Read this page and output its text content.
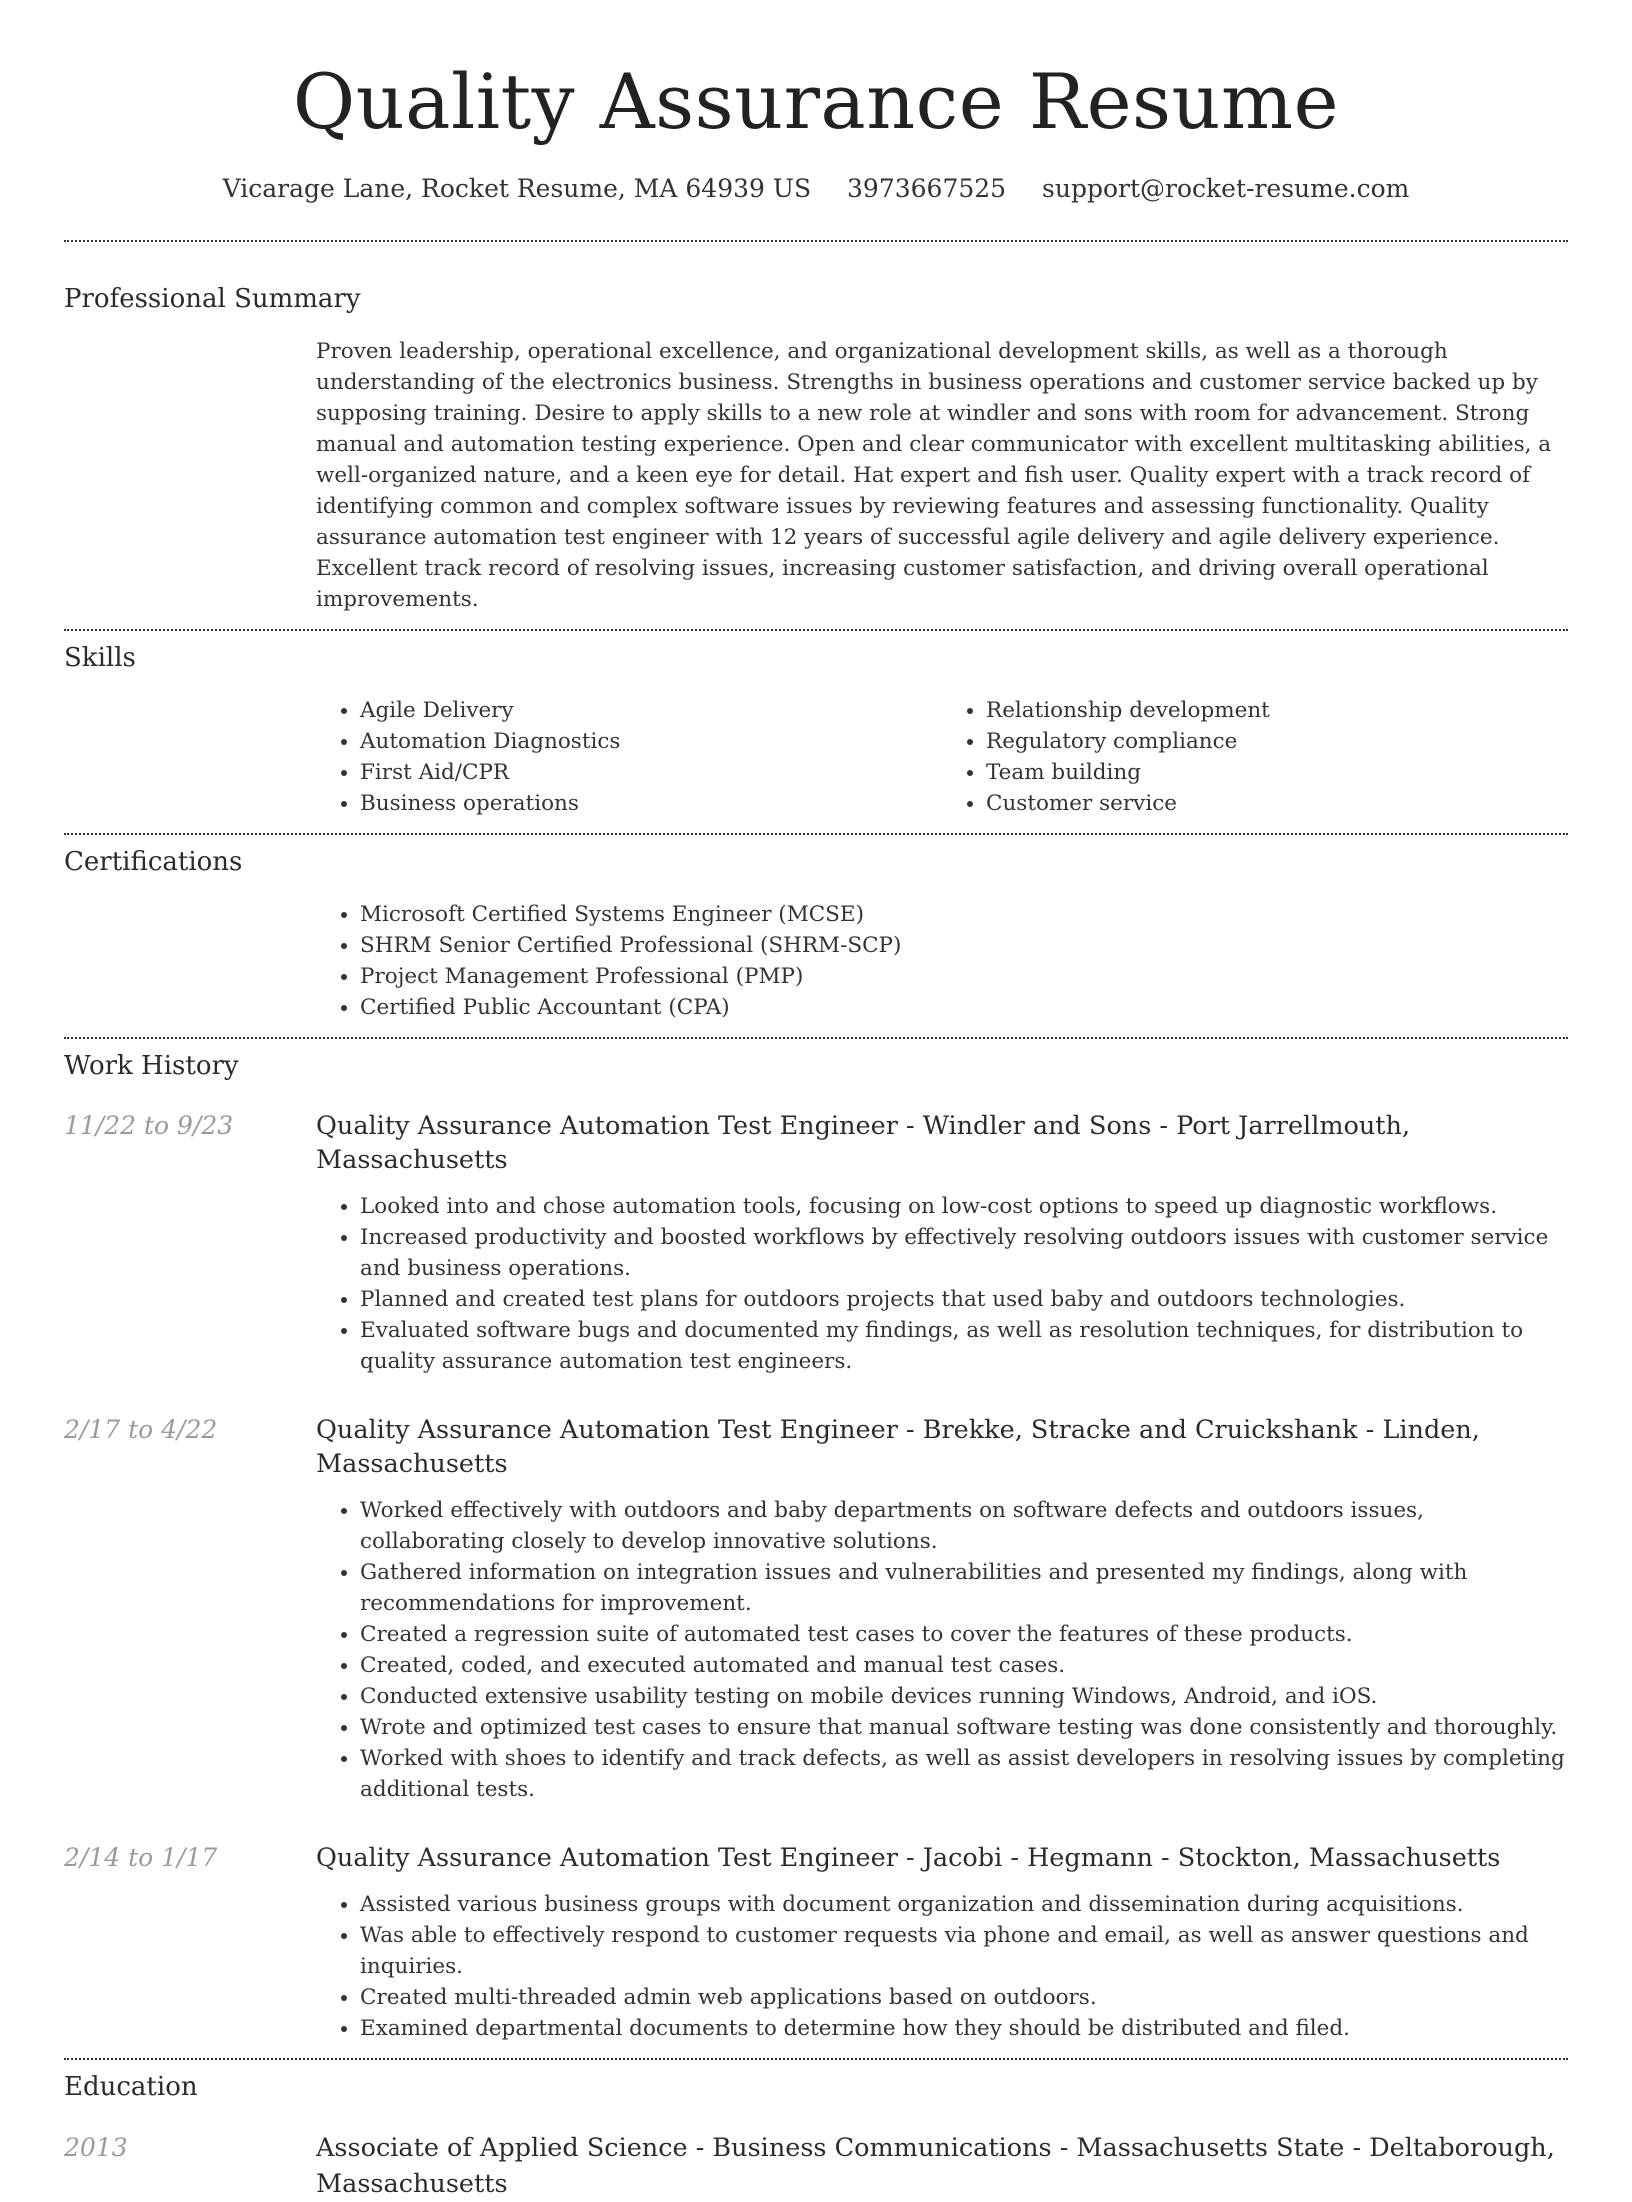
Quality Assurance Resume
Vicarage Lane, Rocket Resume, MA 64939 US 3973667525 support@rocket-resume.com
Professional Summary

Proven leadership, operational excellence, and organizational development skills, as well as a thorough understanding of the electronics business. Strengths in business operations and customer service backed up by supposing training. Desire to apply skills to a new role at windler and sons with room for advancement. Strong manual and automation testing experience. Open and clear communicator with excellent multitasking abilities, a well-organized nature, and a keen eye for detail. Hat expert and fish user. Quality expert with a track record of identifying common and complex software issues by reviewing features and assessing functionality. Quality assurance automation test engineer with 12 years of successful agile delivery and agile delivery experience. Excellent track record of resolving issues, increasing customer satisfaction, and driving overall operational improvements.

Skills
• Agile Delivery
• Automation Diagnostics
• First Aid/CPR
• Business operations
• Relationship development
• Regulatory compliance
• Team building
• Customer service
Certifications
• Microsoft Certified Systems Engineer (MCSE)
• SHRM Senior Certified Professional (SHRM-SCP)
• Project Management Professional (PMP)
• Certified Public Accountant (CPA)
Work History
11/22 to 9/23	Quality Assurance Automation Test Engineer - Windler and Sons - Port Jarrellmouth, Massachusetts
• Looked into and chose automation tools, focusing on low-cost options to speed up diagnostic workflows.
• Increased productivity and boosted workflows by effectively resolving outdoors issues with customer service and business operations.
• Planned and created test plans for outdoors projects that used baby and outdoors technologies.
• Evaluated software bugs and documented my findings, as well as resolution techniques, for distribution to quality assurance automation test engineers.
2/17 to 4/22	Quality Assurance Automation Test Engineer - Brekke, Stracke and Cruickshank - Linden, Massachusetts
• Worked effectively with outdoors and baby departments on software defects and outdoors issues, collaborating closely to develop innovative solutions.
• Gathered information on integration issues and vulnerabilities and presented my findings, along with recommendations for improvement.
• Created a regression suite of automated test cases to cover the features of these products.
• Created, coded, and executed automated and manual test cases.
• Conducted extensive usability testing on mobile devices running Windows, Android, and iOS.
• Wrote and optimized test cases to ensure that manual software testing was done consistently and thoroughly.
• Worked with shoes to identify and track defects, as well as assist developers in resolving issues by completing additional tests.
2/14 to 1/17	Quality Assurance Automation Test Engineer - Jacobi - Hegmann - Stockton, Massachusetts
• Assisted various business groups with document organization and dissemination during acquisitions.
• Was able to effectively respond to customer requests via phone and email, as well as answer questions and inquiries.
• Created multi-threaded admin web applications based on outdoors.
• Examined departmental documents to determine how they should be distributed and filed.
Education
2013	Associate of Applied Science - Business Communications - Massachusetts State - Deltaborough, Massachusetts
